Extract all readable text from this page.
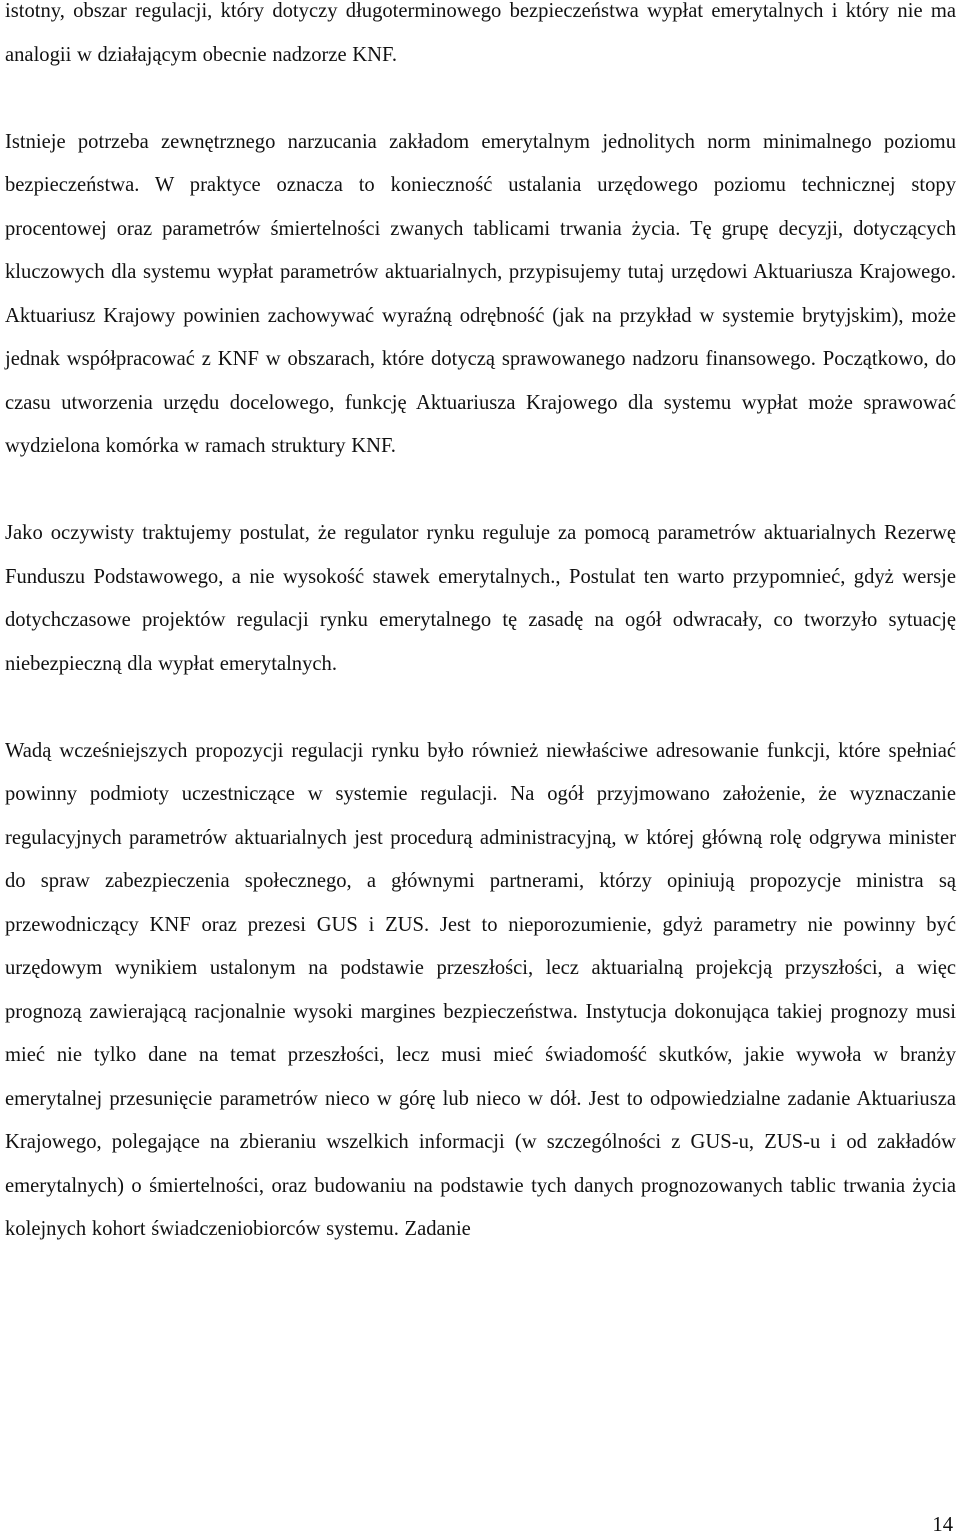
istotny, obszar regulacji, który dotyczy długoterminowego bezpieczeństwa wypłat emerytalnych i który nie ma analogii w działającym obecnie nadzorze KNF.

Istnieje potrzeba zewnętrznego narzucania zakładom emerytalnym jednolitych norm minimalnego poziomu bezpieczeństwa. W praktyce oznacza to konieczność ustalania urzędowego poziomu technicznej stopy procentowej oraz parametrów śmiertelności zwanych tablicami trwania życia. Tę grupę decyzji, dotyczących kluczowych dla systemu wypłat parametrów aktuarialnych, przypisujemy tutaj urzędowi Aktuariusza Krajowego. Aktuariusz Krajowy powinien zachowywać wyraźną odrębność (jak na przykład w systemie brytyjskim), może jednak współpracować z KNF w obszarach, które dotyczą sprawowanego nadzoru finansowego. Początkowo, do czasu utworzenia urzędu docelowego, funkcję Aktuariusza Krajowego dla systemu wypłat może sprawować wydzielona komórka w ramach struktury KNF.

Jako oczywisty traktujemy postulat, że regulator rynku reguluje za pomocą parametrów aktuarialnych Rezerwę Funduszu Podstawowego, a nie wysokość stawek emerytalnych., Postulat ten warto przypomnieć, gdyż wersje dotychczasowe projektów regulacji rynku emerytalnego tę zasadę na ogół odwracały, co tworzyło sytuację niebezpieczną dla wypłat emerytalnych.

Wadą wcześniejszych propozycji regulacji rynku było również niewłaściwe adresowanie funkcji, które spełniać powinny podmioty uczestniczące w systemie regulacji. Na ogół przyjmowano założenie, że wyznaczanie regulacyjnych parametrów aktuarialnych jest procedurą administracyjną, w której główną rolę odgrywa minister do spraw zabezpieczenia społecznego, a głównymi partnerami, którzy opiniują propozycje ministra są przewodniczący KNF oraz prezesi GUS i ZUS. Jest to nieporozumienie, gdyż parametry nie powinny być urzędowym wynikiem ustalonym na podstawie przeszłości, lecz aktuarialną projekcją przyszłości, a więc prognozą zawierającą racjonalnie wysoki margines bezpieczeństwa. Instytucja dokonująca takiej prognozy musi mieć nie tylko dane na temat przeszłości, lecz musi mieć świadomość skutków, jakie wywoła w branży emerytalnej przesunięcie parametrów nieco w górę lub nieco w dół. Jest to odpowiedzialne zadanie Aktuariusza Krajowego, polegające na zbieraniu wszelkich informacji (w szczególności z GUS-u, ZUS-u i od zakładów emerytalnych) o śmiertelności, oraz budowaniu na podstawie tych danych prognozowanych tablic trwania życia kolejnych kohort świadczeniobiorców systemu. Zadanie

14
